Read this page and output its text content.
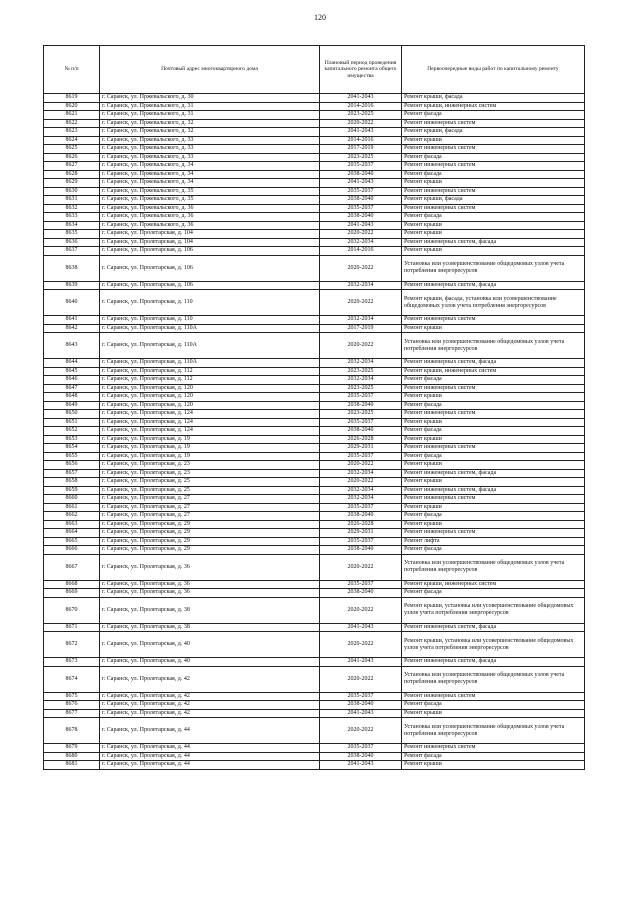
120
№ п/п	Почтовый адрес многоквартирного дома	Плановый период проведения капитального ремонта общего имущества	Первоочередные виды работ по капитальному ремонту
8619	г. Саранск, ул. Пржевальского, д. 30	2041-2043	Ремонт крыши, фасада
8620	г. Саранск, ул. Пржевальского, д. 31	2014-2016	Ремонт крыши, инженерных систем
8621	г. Саранск, ул. Пржевальского, д. 31	2023-2025	Ремонт фасада
8622	г. Саранск, ул. Пржевальского, д. 32	2020-2022	Ремонт инженерных систем
8623	г. Саранск, ул. Пржевальского, д. 32	2041-2043	Ремонт крыши, фасада
8624	г. Саранск, ул. Пржевальского, д. 33	2014-2016	Ремонт крыши
8625	г. Саранск, ул. Пржевальского, д. 33	2017-2019	Ремонт инженерных систем
8626	г. Саранск, ул. Пржевальского, д. 33	2023-2025	Ремонт фасада
8627	г. Саранск, ул. Пржевальского, д. 34	2035-2037	Ремонт инженерных систем
8628	г. Саранск, ул. Пржевальского, д. 34	2038-2040	Ремонт фасада
8629	г. Саранск, ул. Пржевальского, д. 34	2041-2043	Ремонт крыши
8630	г. Саранск, ул. Пржевальского, д. 35	2035-2037	Ремонт инженерных систем
8631	г. Саранск, ул. Пржевальского, д. 35	2038-2040	Ремонт крыши, фасада
8632	г. Саранск, ул. Пржевальского, д. 36	2035-2037	Ремонт инженерных систем
8633	г. Саранск, ул. Пржевальского, д. 36	2038-2040	Ремонт фасада
8634	г. Саранск, ул. Пржевальского, д. 36	2041-2043	Ремонт крыши
8635	г. Саранск, ул. Пролетарская, д. 104	2020-2022	Ремонт крыши
8636	г. Саранск, ул. Пролетарская, д. 104	2032-2034	Ремонт инженерных систем, фасада
8637	г. Саранск, ул. Пролетарская, д. 106	2014-2016	Ремонт крыши
8638	г. Саранск, ул. Пролетарская, д. 106	2020-2022	Установка или усовершенствование общедомовых узлов учета потребления энергоресурсов
8639	г. Саранск, ул. Пролетарская, д. 106	2032-2034	Ремонт инженерных систем, фасада
8640	г. Саранск, ул. Пролетарская, д. 110	2020-2022	Ремонт крыши, фасада, установка или усовершенствование общедомовых узлов учета потребления энергоресурсов
8641	г. Саранск, ул. Пролетарская, д. 110	2032-2034	Ремонт инженерных систем
8642	г. Саранск, ул. Пролетарская, д. 110А	2017-2019	Ремонт крыши
8643	г. Саранск, ул. Пролетарская, д. 110А	2020-2022	Установка или усовершенствование общедомовых узлов учета потребления энергоресурсов
8644	г. Саранск, ул. Пролетарская, д. 110А	2032-2034	Ремонт инженерных систем, фасада
8645	г. Саранск, ул. Пролетарская, д. 112	2023-2025	Ремонт крыши, инженерных систем
8646	г. Саранск, ул. Пролетарская, д. 112	2032-2034	Ремонт фасада
8647	г. Саранск, ул. Пролетарская, д. 120	2023-2025	Ремонт инженерных систем
8648	г. Саранск, ул. Пролетарская, д. 120	2035-2037	Ремонт крыши
8649	г. Саранск, ул. Пролетарская, д. 120	2038-2040	Ремонт фасада
8650	г. Саранск, ул. Пролетарская, д. 124	2023-2025	Ремонт инженерных систем
8651	г. Саранск, ул. Пролетарская, д. 124	2035-2037	Ремонт крыши
8652	г. Саранск, ул. Пролетарская, д. 124	2038-2040	Ремонт фасада
8653	г. Саранск, ул. Пролетарская, д. 19	2026-2028	Ремонт крыши
8654	г. Саранск, ул. Пролетарская, д. 19	2029-2031	Ремонт инженерных систем
8655	г. Саранск, ул. Пролетарская, д. 19	2035-2037	Ремонт фасада
8656	г. Саранск, ул. Пролетарская, д. 23	2020-2022	Ремонт крыши
8657	г. Саранск, ул. Пролетарская, д. 23	2032-2034	Ремонт инженерных систем, фасада
8658	г. Саранск, ул. Пролетарская, д. 25	2020-2022	Ремонт крыши
8659	г. Саранск, ул. Пролетарская, д. 25	2032-2034	Ремонт инженерных систем, фасада
8660	г. Саранск, ул. Пролетарская, д. 27	2032-2034	Ремонт инженерных систем
8661	г. Саранск, ул. Пролетарская, д. 27	2035-2037	Ремонт крыши
8662	г. Саранск, ул. Пролетарская, д. 27	2038-2040	Ремонт фасада
8663	г. Саранск, ул. Пролетарская, д. 29	2026-2028	Ремонт крыши
8664	г. Саранск, ул. Пролетарская, д. 29	2029-2031	Ремонт инженерных систем
8665	г. Саранск, ул. Пролетарская, д. 29	2035-2037	Ремонт лифта
8666	г. Саранск, ул. Пролетарская, д. 29	2038-2040	Ремонт фасада
8667	г. Саранск, ул. Пролетарская, д. 36	2020-2022	Установка или усовершенствование общедомовых узлов учета потребления энергоресурсов
8668	г. Саранск, ул. Пролетарская, д. 36	2035-2037	Ремонт крыши, инженерных систем
8669	г. Саранск, ул. Пролетарская, д. 36	2038-2040	Ремонт фасада
8670	г. Саранск, ул. Пролетарская, д. 38	2020-2022	Ремонт крыши, установка или усовершенствование общедомовых узлов учета потребления энергоресурсов
8671	г. Саранск, ул. Пролетарская, д. 38	2041-2043	Ремонт инженерных систем, фасада
8672	г. Саранск, ул. Пролетарская, д. 40	2020-2022	Ремонт крыши, установка или усовершенствование общедомовых узлов учета потребления энергоресурсов
8673	г. Саранск, ул. Пролетарская, д. 40	2041-2043	Ремонт инженерных систем, фасада
8674	г. Саранск, ул. Пролетарская, д. 42	2020-2022	Установка или усовершенствование общедомовых узлов учета потребления энергоресурсов
8675	г. Саранск, ул. Пролетарская, д. 42	2035-2037	Ремонт инженерных систем
8676	г. Саранск, ул. Пролетарская, д. 42	2038-2040	Ремонт фасада
8677	г. Саранск, ул. Пролетарская, д. 42	2041-2043	Ремонт крыши
8678	г. Саранск, ул. Пролетарская, д. 44	2020-2022	Установка или усовершенствование общедомовых узлов учета потребления энергоресурсов
8679	г. Саранск, ул. Пролетарская, д. 44	2035-2037	Ремонт инженерных систем
8680	г. Саранск, ул. Пролетарская, д. 44	2038-2040	Ремонт фасада
8681	г. Саранск, ул. Пролетарская, д. 44	2041-2043	Ремонт крыши
